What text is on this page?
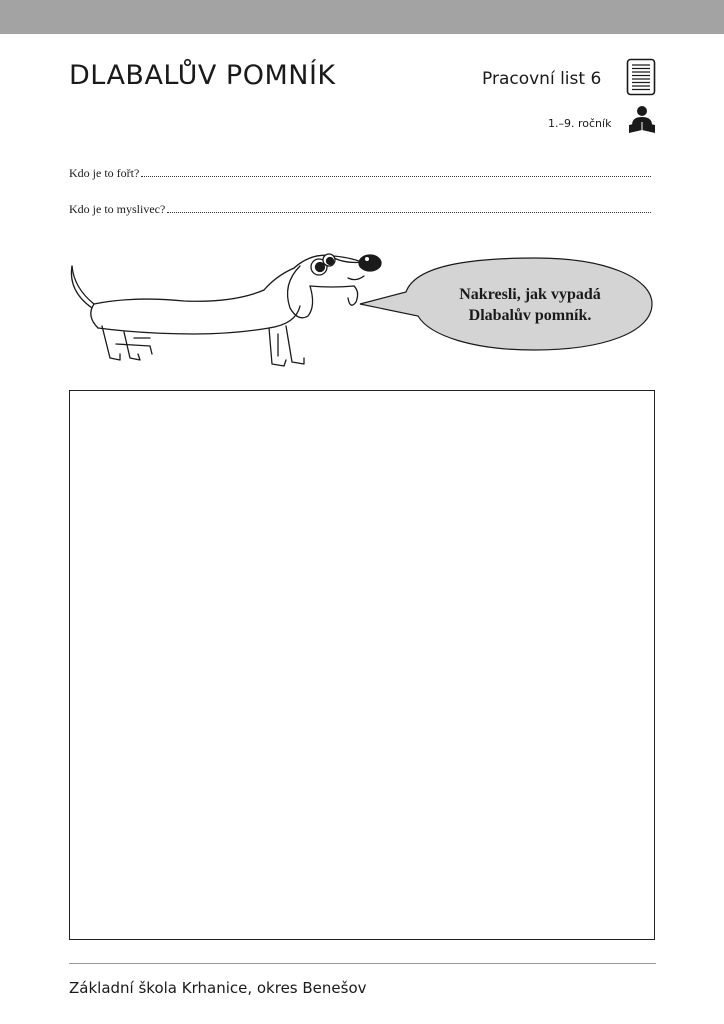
DLABALŮV POMNÍK	Pracovní list 6
1.–9. ročník
Kdo je to fořt?
Kdo je to myslivec?
Nakresli, jak vypadá
Dlabalův pomník.
Základní škola Krhanice, okres Benešov
